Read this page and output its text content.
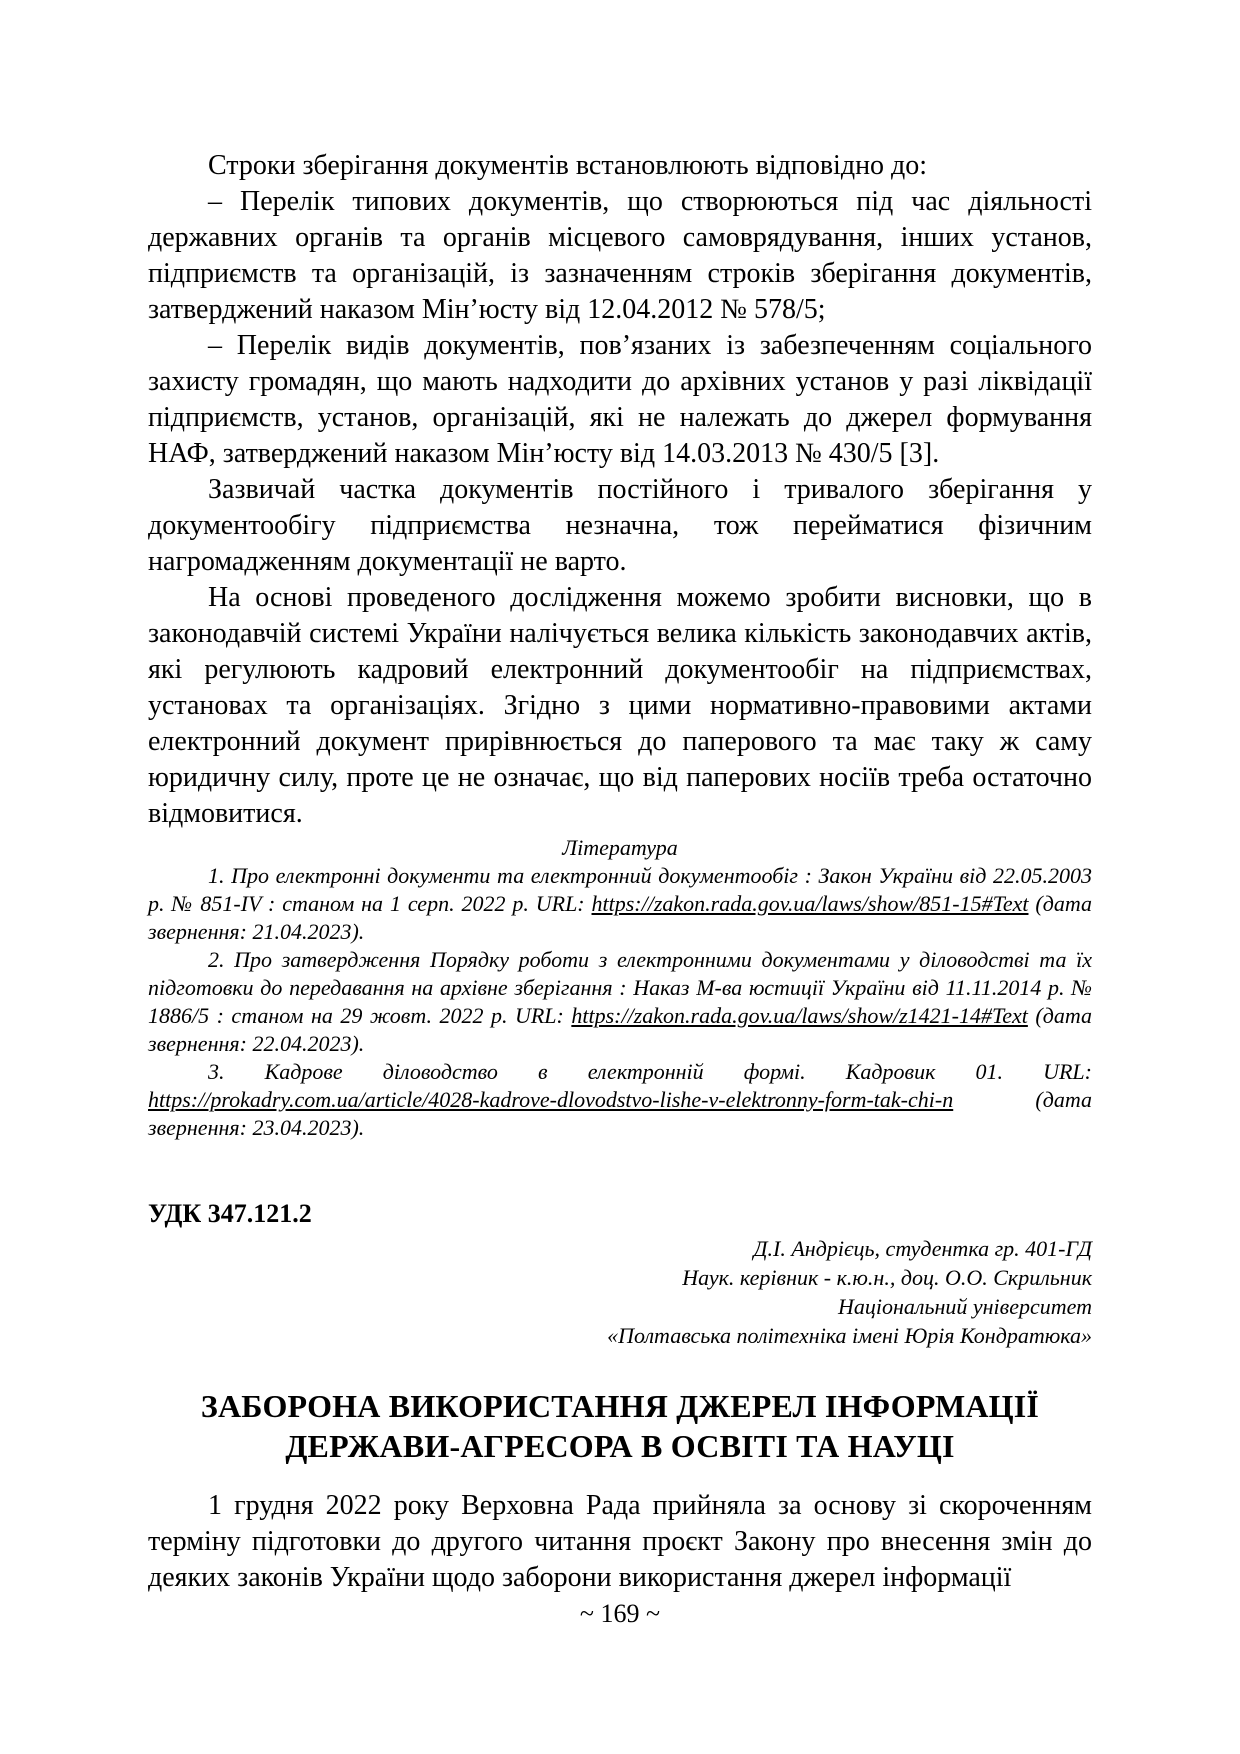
Строки зберігання документів встановлюють відповідно до:

– Перелік типових документів, що створюються під час діяльності державних органів та органів місцевого самоврядування, інших установ, підприємств та організацій, із зазначенням строків зберігання документів, затверджений наказом Мін’юсту від 12.04.2012 № 578/5;

– Перелік видів документів, пов’язаних із забезпеченням соціального захисту громадян, що мають надходити до архівних установ у разі ліквідації підприємств, установ, організацій, які не належать до джерел формування НАФ, затверджений наказом Мін’юсту від 14.03.2013 № 430/5 [3].

Зазвичай частка документів постійного і тривалого зберігання у документообігу підприємства незначна, тож перейматися фізичним нагромадженням документації не варто.

На основі проведеного дослідження можемо зробити висновки, що в законодавчій системі України налічується велика кількість законодавчих актів, які регулюють кадровий електронний документообіг на підприємствах, установах та організаціях. Згідно з цими нормативно-правовими актами електронний документ прирівнюється до паперового та має таку ж саму юридичну силу, проте це не означає, що від паперових носіїв треба остаточно відмовитися.

Література

1. Про електронні документи та електронний документообіг : Закон України від 22.05.2003 р. № 851-IV : станом на 1 серп. 2022 р. URL: https://zakon.rada.gov.ua/laws/show/851-15#Text (дата звернення: 21.04.2023).

2. Про затвердження Порядку роботи з електронними документами у діловодстві та їх підготовки до передавання на архівне зберігання : Наказ М-ва юстиції України від 11.11.2014 р. № 1886/5 : станом на 29 жовт. 2022 р. URL: https://zakon.rada.gov.ua/laws/show/z1421-14#Text (дата звернення: 22.04.2023).

3. Кадрове діловодство в електронній формі. Кадровик 01. URL: https://prokadry.com.ua/article/4028-kadrove-dlovodstvo-lishe-v-elektronny-form-tak-chi-n (дата звернення: 23.04.2023).

УДК 347.121.2

Д.І. Андрієць, студентка гр. 401-ГД
Наук. керівник - к.ю.н., доц. О.О. Скрильник
Національний університет
«Полтавська політехніка імені Юрія Кондратюка»
ЗАБОРОНА ВИКОРИСТАННЯ ДЖЕРЕЛ ІНФОРМАЦІЇ
ДЕРЖАВИ-АГРЕСОРА В ОСВІТІ ТА НАУЦІ

1 грудня 2022 року Верховна Рада прийняла за основу зі скороченням терміну підготовки до другого читання проєкт Закону про внесення змін до деяких законів України щодо заборони використання джерел інформації

~ 169 ~
